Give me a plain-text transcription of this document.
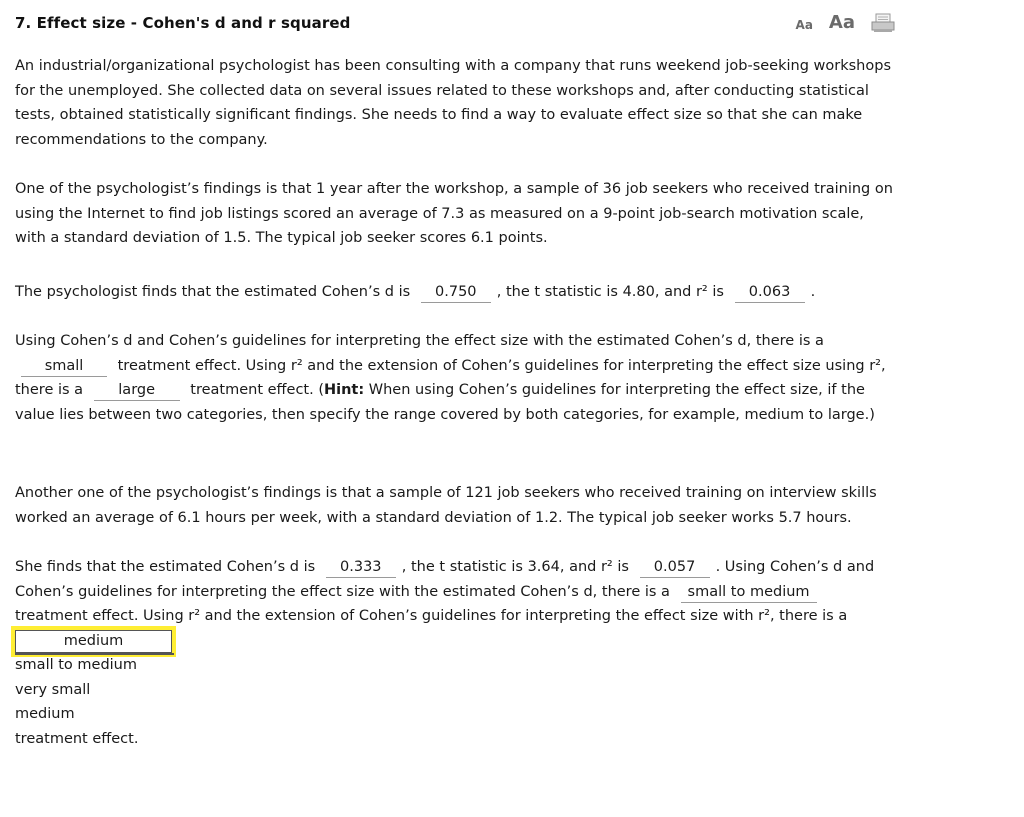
7. Effect size - Cohen's d and r squared	Aa Aa

An industrial/organizational psychologist has been consulting with a company that runs weekend job-seeking workshops for the unemployed. She collected data on several issues related to these workshops and, after conducting statistical tests, obtained statistically significant findings. She needs to find a way to evaluate effect size so that she can make recommendations to the company.

One of the psychologist’s findings is that 1 year after the workshop, a sample of 36 job seekers who received training on using the Internet to find job listings scored an average of 7.3 as measured on a 9-point job-search motivation scale, with a standard deviation of 1.5. The typical job seeker scores 6.1 points.

The psychologist finds that the estimated Cohen’s d is 0.750 , the t statistic is 4.80, and r² is 0.063 .

Using Cohen’s d and Cohen’s guidelines for interpreting the effect size with the estimated Cohen’s d, there is a small treatment effect. Using r² and the extension of Cohen’s guidelines for interpreting the effect size using r², there is a large treatment effect. (Hint: When using Cohen’s guidelines for interpreting the effect size, if the value lies between two categories, then specify the range covered by both categories, for example, medium to large.)

Another one of the psychologist’s findings is that a sample of 121 job seekers who received training on interview skills worked an average of 6.1 hours per week, with a standard deviation of 1.2. The typical job seeker works 5.7 hours.

She finds that the estimated Cohen’s d is 0.333 , the t statistic is 3.64, and r² is 0.057 . Using Cohen’s d and Cohen’s guidelines for interpreting the effect size with the estimated Cohen’s d, there is a small to medium treatment effect. Using r² and the extension of Cohen’s guidelines for interpreting the effect size with r², there is a
medium

small to medium
very small
medium
treatment effect.
